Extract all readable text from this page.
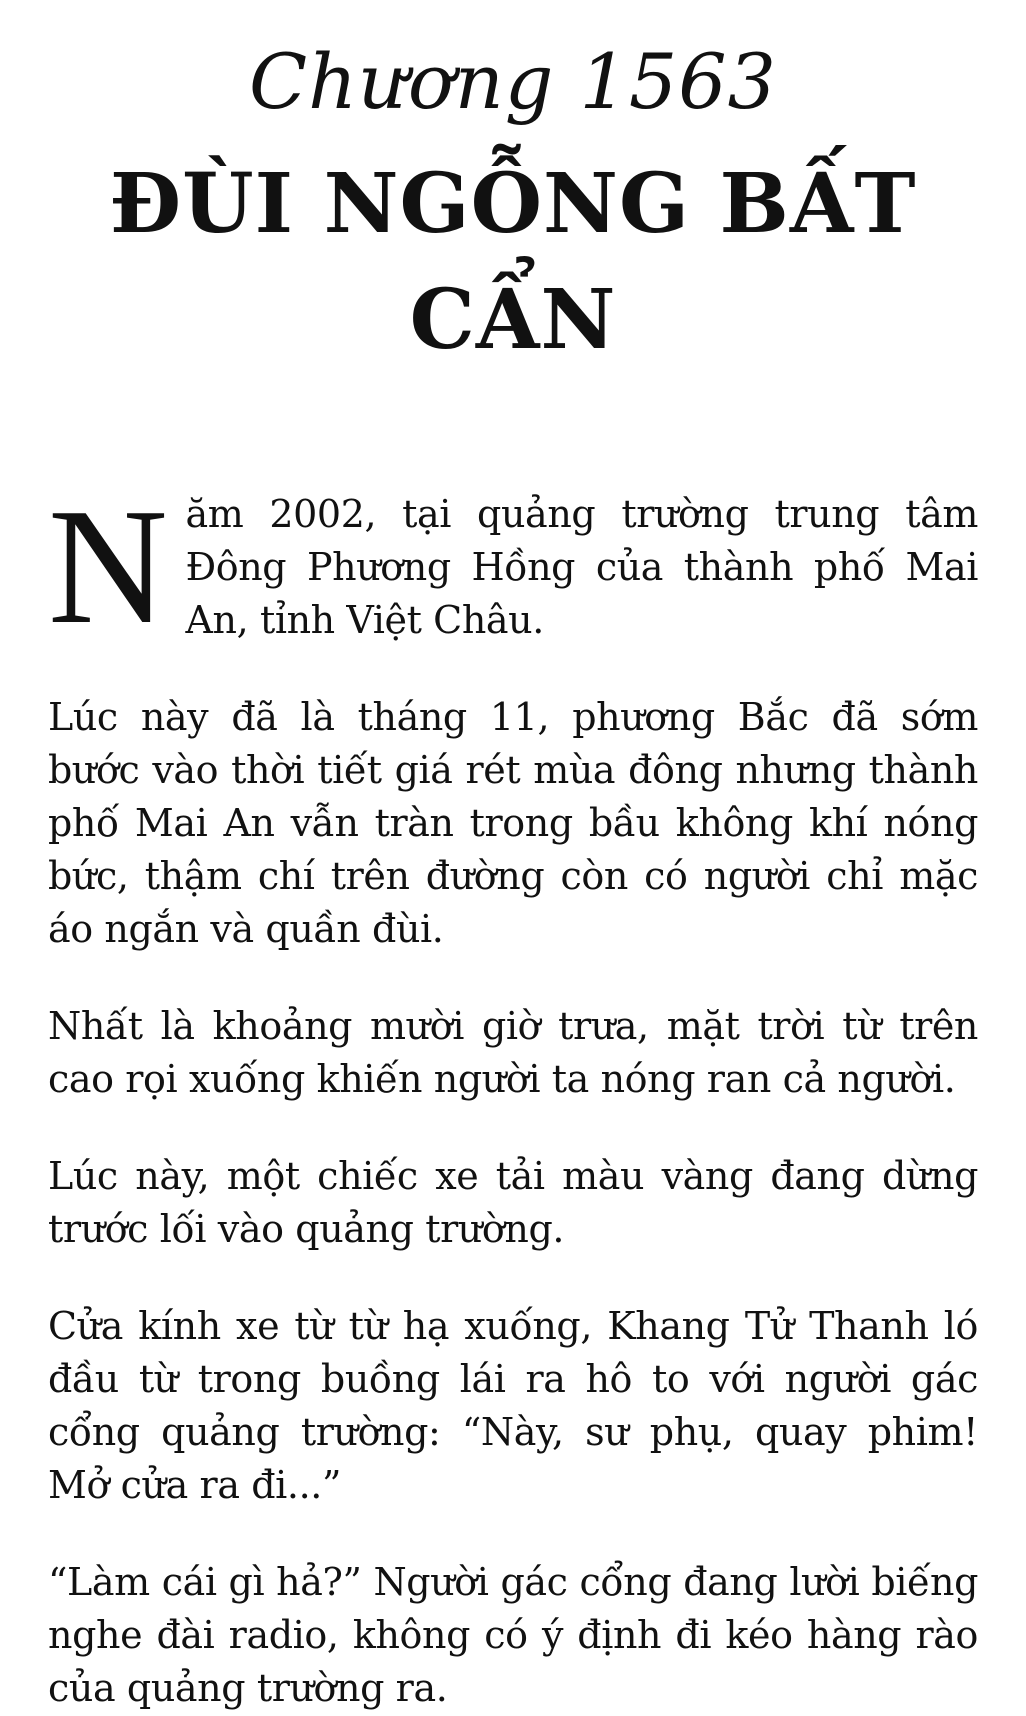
Chương 1563
ĐÙI NGỖNG BẤT CẨN

Năm 2002, tại quảng trường trung tâm Đông Phương Hồng của thành phố Mai An, tỉnh Việt Châu.

Lúc này đã là tháng 11, phương Bắc đã sớm bước vào thời tiết giá rét mùa đông nhưng thành phố Mai An vẫn tràn trong bầu không khí nóng bức, thậm chí trên đường còn có người chỉ mặc áo ngắn và quần đùi.

Nhất là khoảng mười giờ trưa, mặt trời từ trên cao rọi xuống khiến người ta nóng ran cả người.

Lúc này, một chiếc xe tải màu vàng đang dừng trước lối vào quảng trường.

Cửa kính xe từ từ hạ xuống, Khang Tử Thanh ló đầu từ trong buồng lái ra hô to với người gác cổng quảng trường: “Này, sư phụ, quay phim! Mở cửa ra đi...”

“Làm cái gì hả?” Người gác cổng đang lười biếng nghe đài radio, không có ý định đi kéo hàng rào của quảng trường ra.
